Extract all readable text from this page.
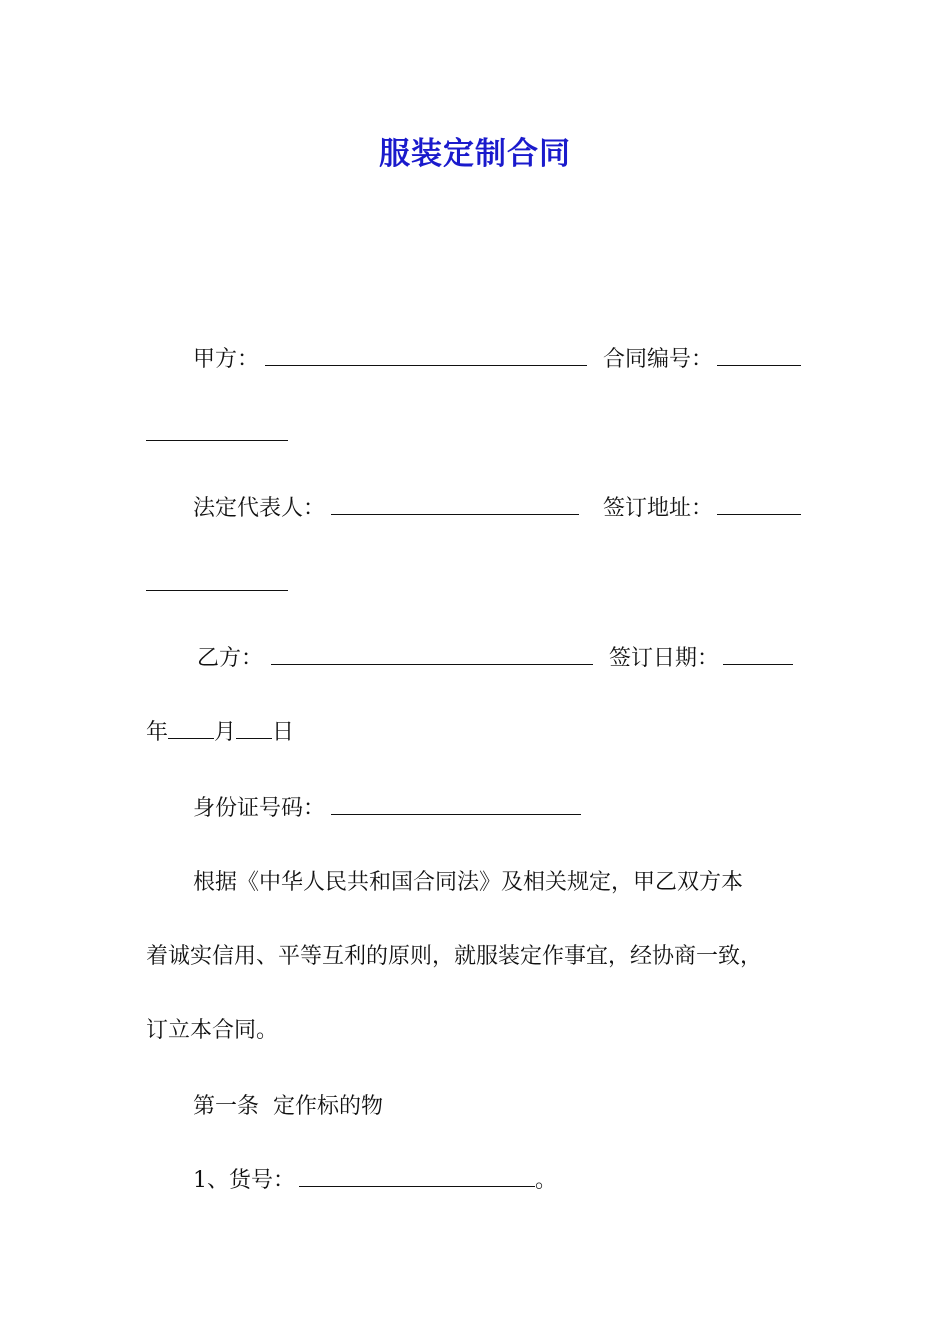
服装定制合同
甲方：	合同编号：
法定代表人：	签订地址：
乙方：	签订日期：
年 月 日
身份证号码：
根据《中华人民共和国合同法》及相关规定，甲乙双方本
着诚实信用、平等互利的原则，就服装定作事宜，经协商一致，
订立本合同。
第一条  定作标的物
1、货号：	。
